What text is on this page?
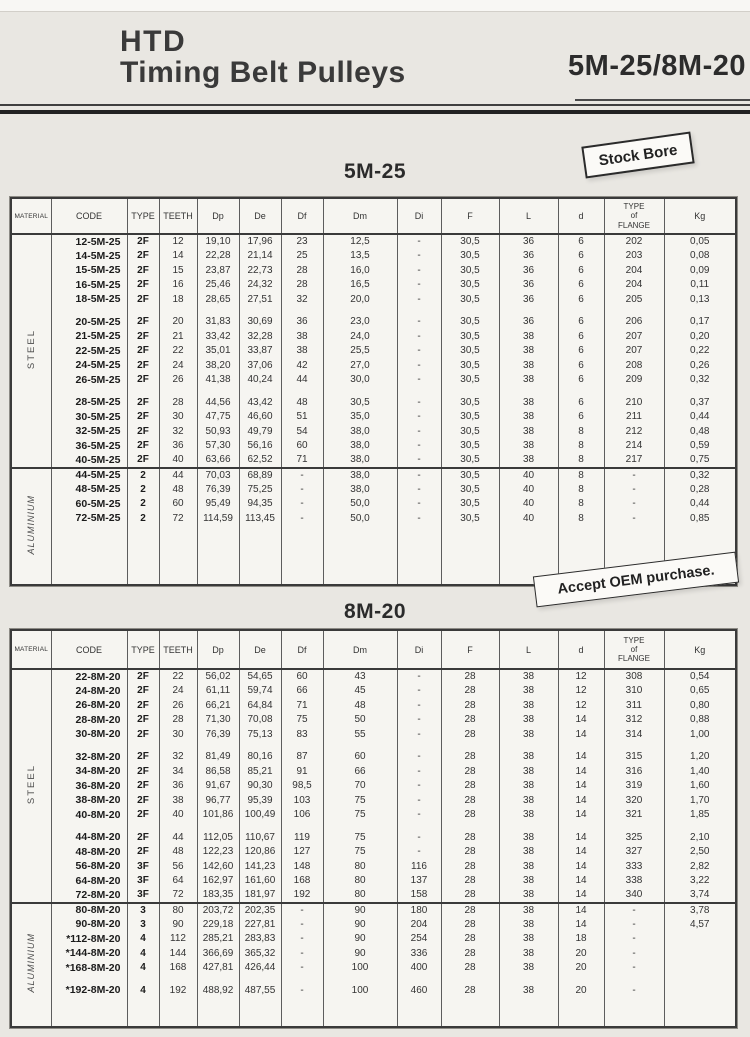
HTD
Timing Belt Pulleys	5M-25/8M-20
Stock Bore
5M-25
MATERIAL	CODE	TYPE	TEETH	Dp	De	Df	Dm	Di	F	L	d	TYPE
of
FLANGE	Kg
STEEL	12-5M-25	2F	12	19,10	17,96	23	12,5	-	30,5	36	6	202	0,05
	14-5M-25	2F	14	22,28	21,14	25	13,5	-	30,5	36	6	203	0,08
	15-5M-25	2F	15	23,87	22,73	28	16,0	-	30,5	36	6	204	0,09
	16-5M-25	2F	16	25,46	24,32	28	16,5	-	30,5	36	6	204	0,11
	18-5M-25	2F	18	28,65	27,51	32	20,0	-	30,5	36	6	205	0,13

	20-5M-25	2F	20	31,83	30,69	36	23,0	-	30,5	36	6	206	0,17
	21-5M-25	2F	21	33,42	32,28	38	24,0	-	30,5	38	6	207	0,20
	22-5M-25	2F	22	35,01	33,87	38	25,5	-	30,5	38	6	207	0,22
	24-5M-25	2F	24	38,20	37,06	42	27,0	-	30,5	38	6	208	0,26
	26-5M-25	2F	26	41,38	40,24	44	30,0	-	30,5	38	6	209	0,32

	28-5M-25	2F	28	44,56	43,42	48	30,5	-	30,5	38	6	210	0,37
	30-5M-25	2F	30	47,75	46,60	51	35,0	-	30,5	38	6	211	0,44
	32-5M-25	2F	32	50,93	49,79	54	38,0	-	30,5	38	8	212	0,48
	36-5M-25	2F	36	57,30	56,16	60	38,0	-	30,5	38	8	214	0,59
	40-5M-25	2F	40	63,66	62,52	71	38,0	-	30,5	38	8	217	0,75
ALUMINIUM	44-5M-25	2	44	70,03	68,89	-	38,0	-	30,5	40	8	-	0,32
	48-5M-25	2	48	76,39	75,25	-	38,0	-	30,5	40	8	-	0,28
	60-5M-25	2	60	95,49	94,35	-	50,0	-	30,5	40	8	-	0,44
	72-5M-25	2	72	114,59	113,45	-	50,0	-	30,5	40	8	-	0,85

Accept OEM purchase.
8M-20
MATERIAL	CODE	TYPE	TEETH	Dp	De	Df	Dm	Di	F	L	d	TYPE
of
FLANGE	Kg
STEEL	22-8M-20	2F	22	56,02	54,65	60	43	-	28	38	12	308	0,54
	24-8M-20	2F	24	61,11	59,74	66	45	-	28	38	12	310	0,65
	26-8M-20	2F	26	66,21	64,84	71	48	-	28	38	12	311	0,80
	28-8M-20	2F	28	71,30	70,08	75	50	-	28	38	14	312	0,88
	30-8M-20	2F	30	76,39	75,13	83	55	-	28	38	14	314	1,00

	32-8M-20	2F	32	81,49	80,16	87	60	-	28	38	14	315	1,20
	34-8M-20	2F	34	86,58	85,21	91	66	-	28	38	14	316	1,40
	36-8M-20	2F	36	91,67	90,30	98,5	70	-	28	38	14	319	1,60
	38-8M-20	2F	38	96,77	95,39	103	75	-	28	38	14	320	1,70
	40-8M-20	2F	40	101,86	100,49	106	75	-	28	38	14	321	1,85

	44-8M-20	2F	44	112,05	110,67	119	75	-	28	38	14	325	2,10
	48-8M-20	2F	48	122,23	120,86	127	75	-	28	38	14	327	2,50
	56-8M-20	3F	56	142,60	141,23	148	80	116	28	38	14	333	2,82
	64-8M-20	3F	64	162,97	161,60	168	80	137	28	38	14	338	3,22
	72-8M-20	3F	72	183,35	181,97	192	80	158	28	38	14	340	3,74
ALUMINIUM	80-8M-20	3	80	203,72	202,35	-	90	180	28	38	14	-	3,78
	90-8M-20	3	90	229,18	227,81	-	90	204	28	38	14	-	4,57
	*112-8M-20	4	112	285,21	283,83	-	90	254	28	38	18	-	
	*144-8M-20	4	144	366,69	365,32	-	90	336	28	38	20	-	
	*168-8M-20	4	168	427,81	426,44	-	100	400	28	38	20	-	

	*192-8M-20	4	192	488,92	487,55	-	100	460	28	38	20	-	
